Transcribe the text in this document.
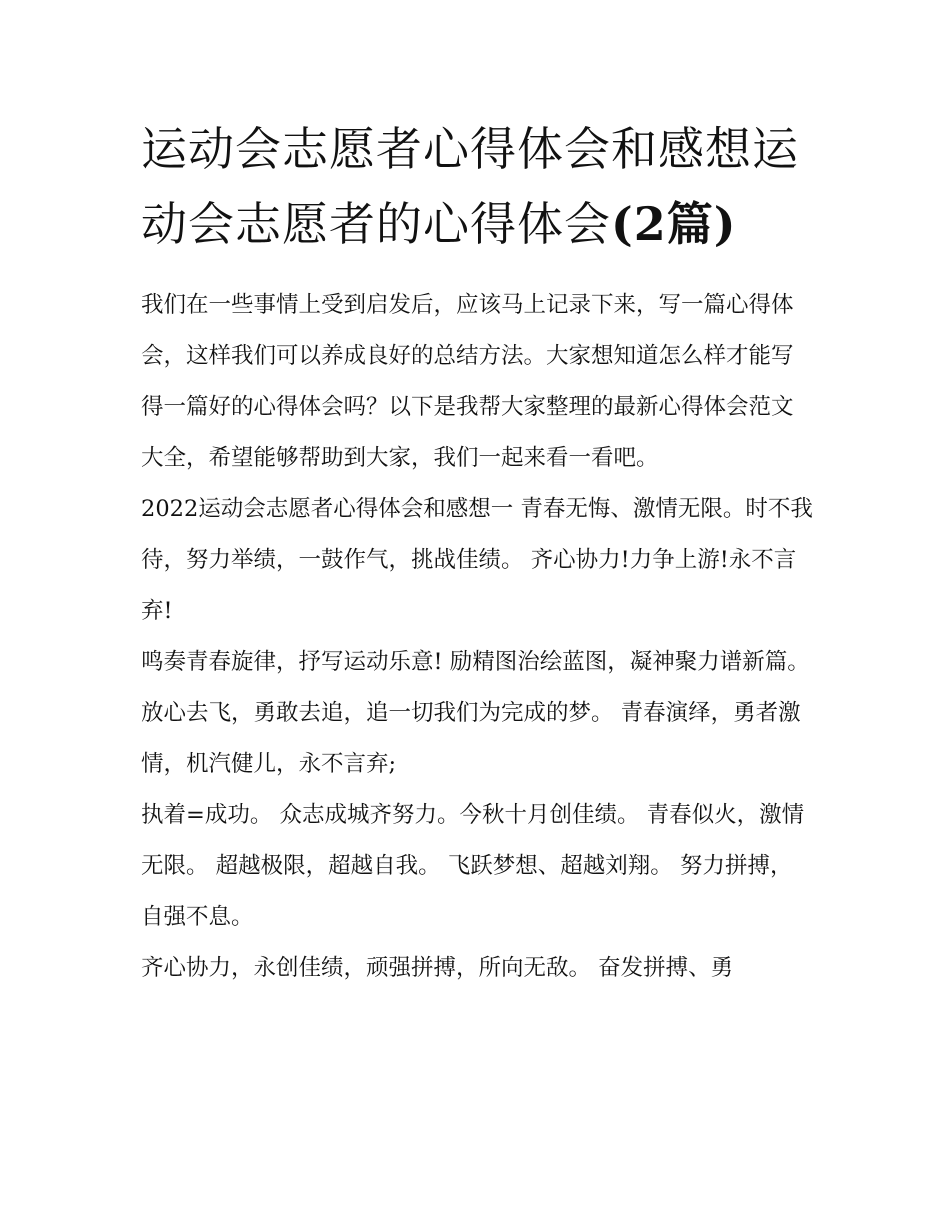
运动会志愿者心得体会和感想运动会志愿者的心得体会(2篇)

我们在一些事情上受到启发后，应该马上记录下来，写一篇心得体会，这样我们可以养成良好的总结方法。大家想知道怎么样才能写得一篇好的心得体会吗？以下是我帮大家整理的最新心得体会范文大全，希望能够帮助到大家，我们一起来看一看吧。

2022运动会志愿者心得体会和感想一 青春无悔、激情无限。时不我待，努力举绩，一鼓作气，挑战佳绩。 齐心协力!力争上游!永不言弃!

鸣奏青春旋律，抒写运动乐意! 励精图治绘蓝图，凝神聚力谱新篇。 放心去飞，勇敢去追，追一切我们为完成的梦。 青春演绎，勇者激情，机汽健儿，永不言弃;

执着=成功。 众志成城齐努力。今秋十月创佳绩。 青春似火，激情无限。 超越极限，超越自我。 飞跃梦想、超越刘翔。 努力拼搏，自强不息。

齐心协力，永创佳绩，顽强拼搏，所向无敌。 奋发拼搏、勇
